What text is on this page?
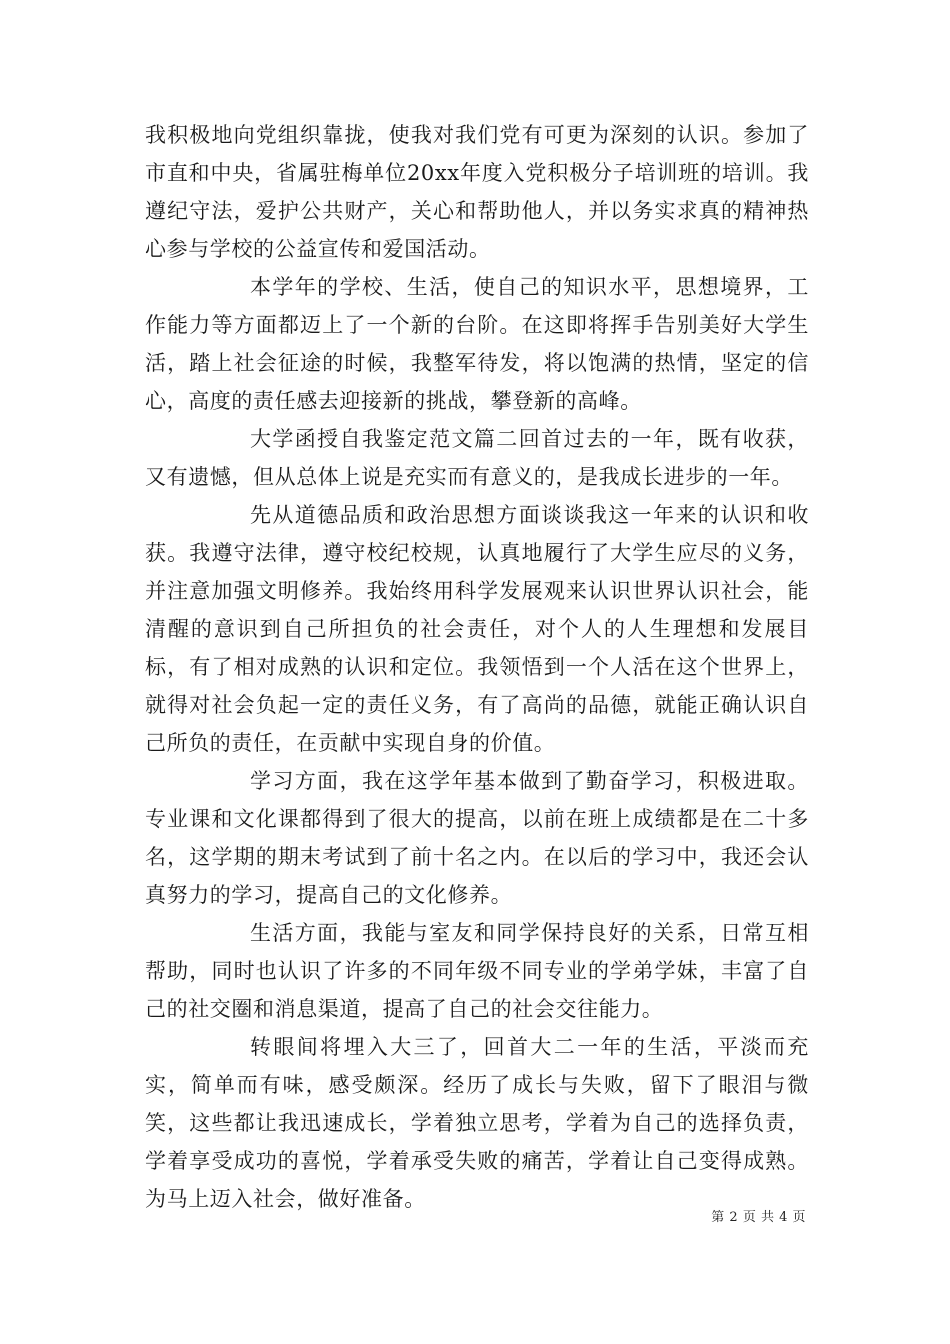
我积极地向党组织靠拢，使我对我们党有可更为深刻的认识。参加了市直和中央，省属驻梅单位20xx年度入党积极分子培训班的培训。我遵纪守法，爱护公共财产，关心和帮助他人，并以务实求真的精神热心参与学校的公益宣传和爱国活动。

本学年的学校、生活，使自己的知识水平，思想境界，工作能力等方面都迈上了一个新的台阶。在这即将挥手告别美好大学生活，踏上社会征途的时候，我整军待发，将以饱满的热情，坚定的信心，高度的责任感去迎接新的挑战，攀登新的高峰。

大学函授自我鉴定范文篇二回首过去的一年，既有收获，又有遗憾，但从总体上说是充实而有意义的，是我成长进步的一年。

先从道德品质和政治思想方面谈谈我这一年来的认识和收获。我遵守法律，遵守校纪校规，认真地履行了大学生应尽的义务，并注意加强文明修养。我始终用科学发展观来认识世界认识社会，能清醒的意识到自己所担负的社会责任，对个人的人生理想和发展目标，有了相对成熟的认识和定位。我领悟到一个人活在这个世界上，就得对社会负起一定的责任义务，有了高尚的品德，就能正确认识自己所负的责任，在贡献中实现自身的价值。

学习方面，我在这学年基本做到了勤奋学习，积极进取。专业课和文化课都得到了很大的提高，以前在班上成绩都是在二十多名，这学期的期末考试到了前十名之内。在以后的学习中，我还会认真努力的学习，提高自己的文化修养。

生活方面，我能与室友和同学保持良好的关系，日常互相帮助，同时也认识了许多的不同年级不同专业的学弟学妹，丰富了自己的社交圈和消息渠道，提高了自己的社会交往能力。

转眼间将埋入大三了，回首大二一年的生活，平淡而充实，简单而有味，感受颇深。经历了成长与失败，留下了眼泪与微笑，这些都让我迅速成长，学着独立思考，学着为自己的选择负责，学着享受成功的喜悦，学着承受失败的痛苦，学着让自己变得成熟。为马上迈入社会，做好准备。

第 2 页 共 4 页
